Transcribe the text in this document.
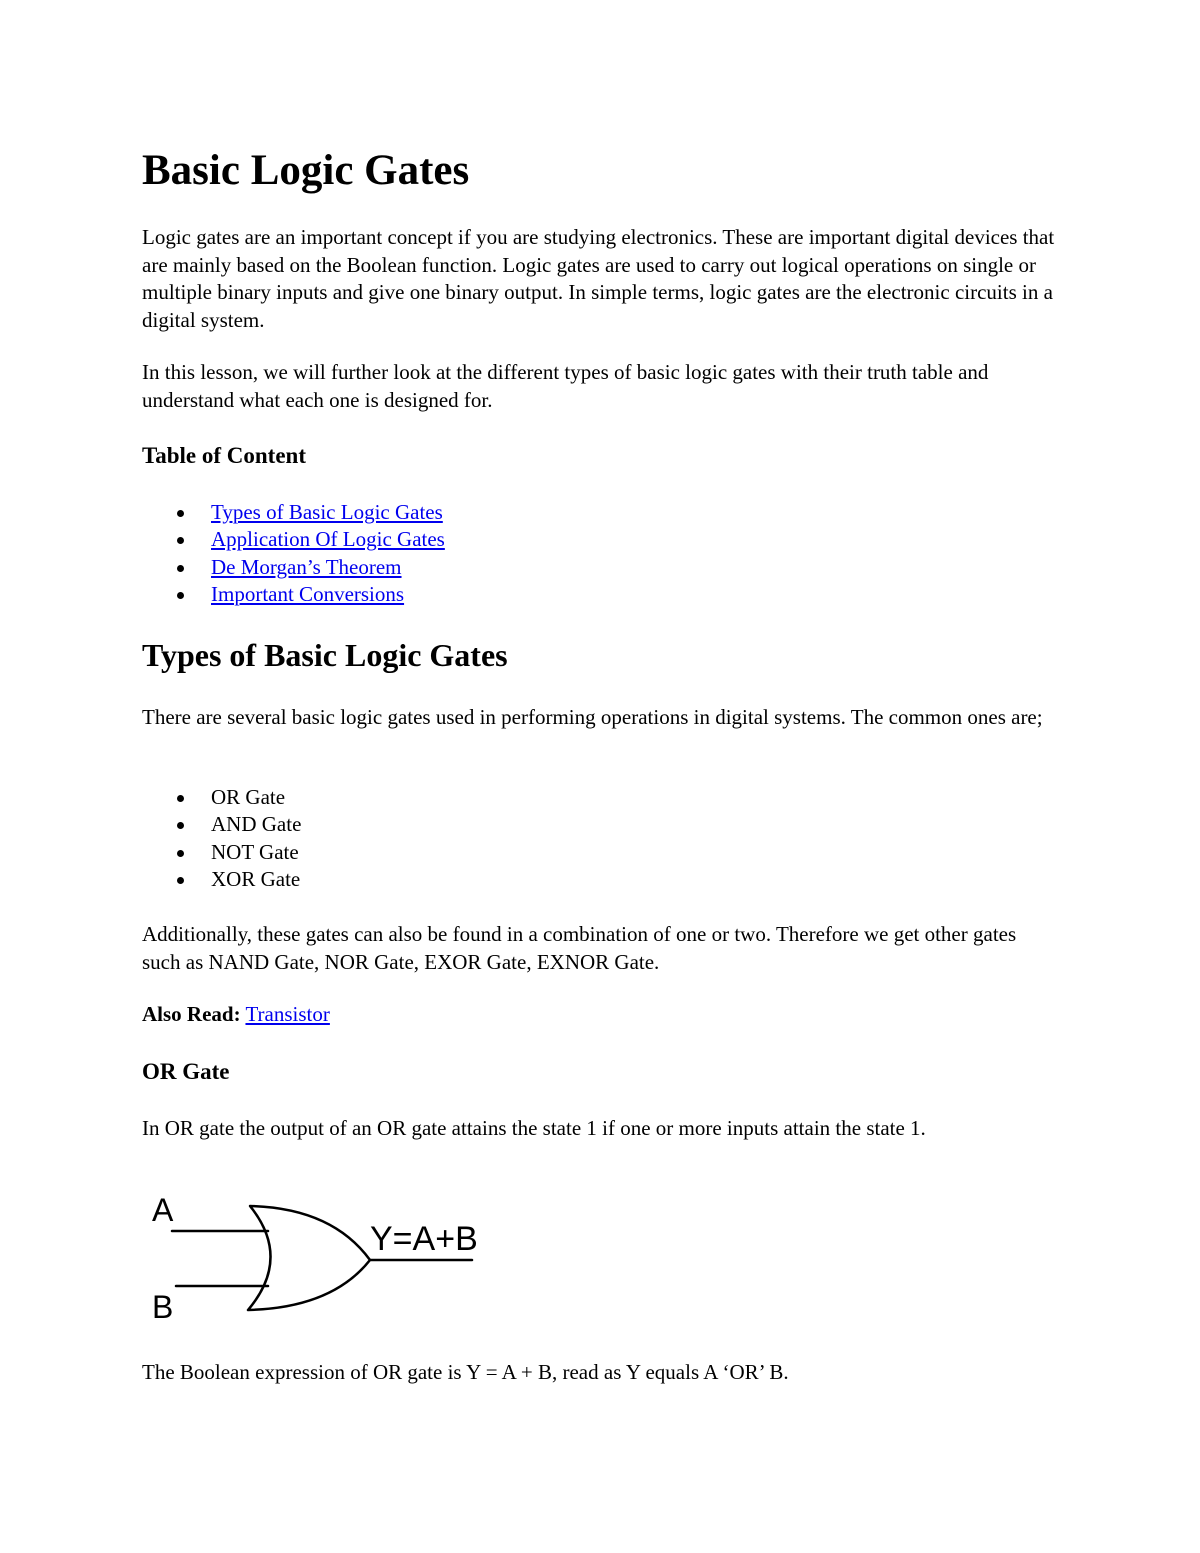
Basic Logic Gates

Logic gates are an important concept if you are studying electronics. These are important digital devices that are mainly based on the Boolean function. Logic gates are used to carry out logical operations on single or multiple binary inputs and give one binary output. In simple terms, logic gates are the electronic circuits in a digital system.

In this lesson, we will further look at the different types of basic logic gates with their truth table and understand what each one is designed for.

Table of Content
Types of Basic Logic Gates
Application Of Logic Gates
De Morgan’s Theorem
Important Conversions
Types of Basic Logic Gates

There are several basic logic gates used in performing operations in digital systems. The common ones are;

OR Gate
AND Gate
NOT Gate
XOR Gate

Additionally, these gates can also be found in a combination of one or two. Therefore we get other gates such as NAND Gate, NOR Gate, EXOR Gate, EXNOR Gate.

Also Read: Transistor
OR Gate

In OR gate the output of an OR gate attains the state 1 if one or more inputs attain the state 1.

A
B
Y=A+B

The Boolean expression of OR gate is Y = A + B, read as Y equals A ‘OR’ B.
